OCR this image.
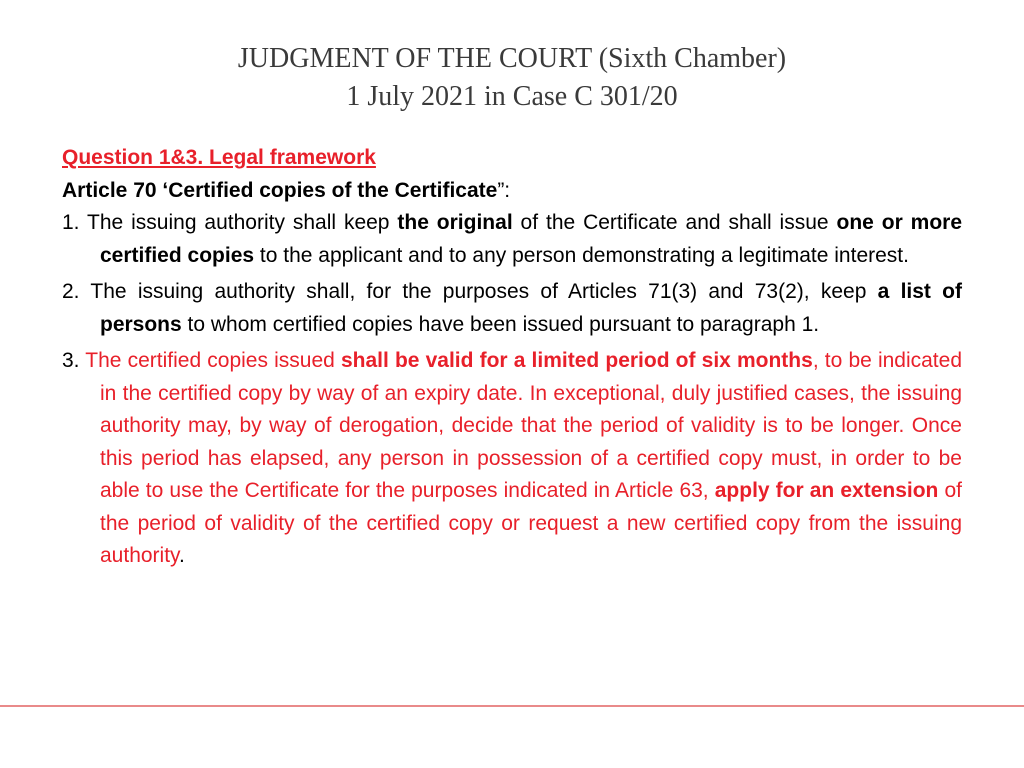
JUDGMENT OF THE COURT (Sixth Chamber)
1 July 2021 in Case C 301/20
Question 1&3. Legal framework
Article 70 ‘Certified copies of the Certificate”:

1. The issuing authority shall keep the original of the Certificate and shall issue one or more certified copies to the applicant and to any person demonstrating a legitimate interest.

2. The issuing authority shall, for the purposes of Articles 71(3) and 73(2), keep a list of persons to whom certified copies have been issued pursuant to paragraph 1.

3. The certified copies issued shall be valid for a limited period of six months, to be indicated in the certified copy by way of an expiry date. In exceptional, duly justified cases, the issuing authority may, by way of derogation, decide that the period of validity is to be longer. Once this period has elapsed, any person in possession of a certified copy must, in order to be able to use the Certificate for the purposes indicated in Article 63, apply for an extension of the period of validity of the certified copy or request a new certified copy from the issuing authority.
